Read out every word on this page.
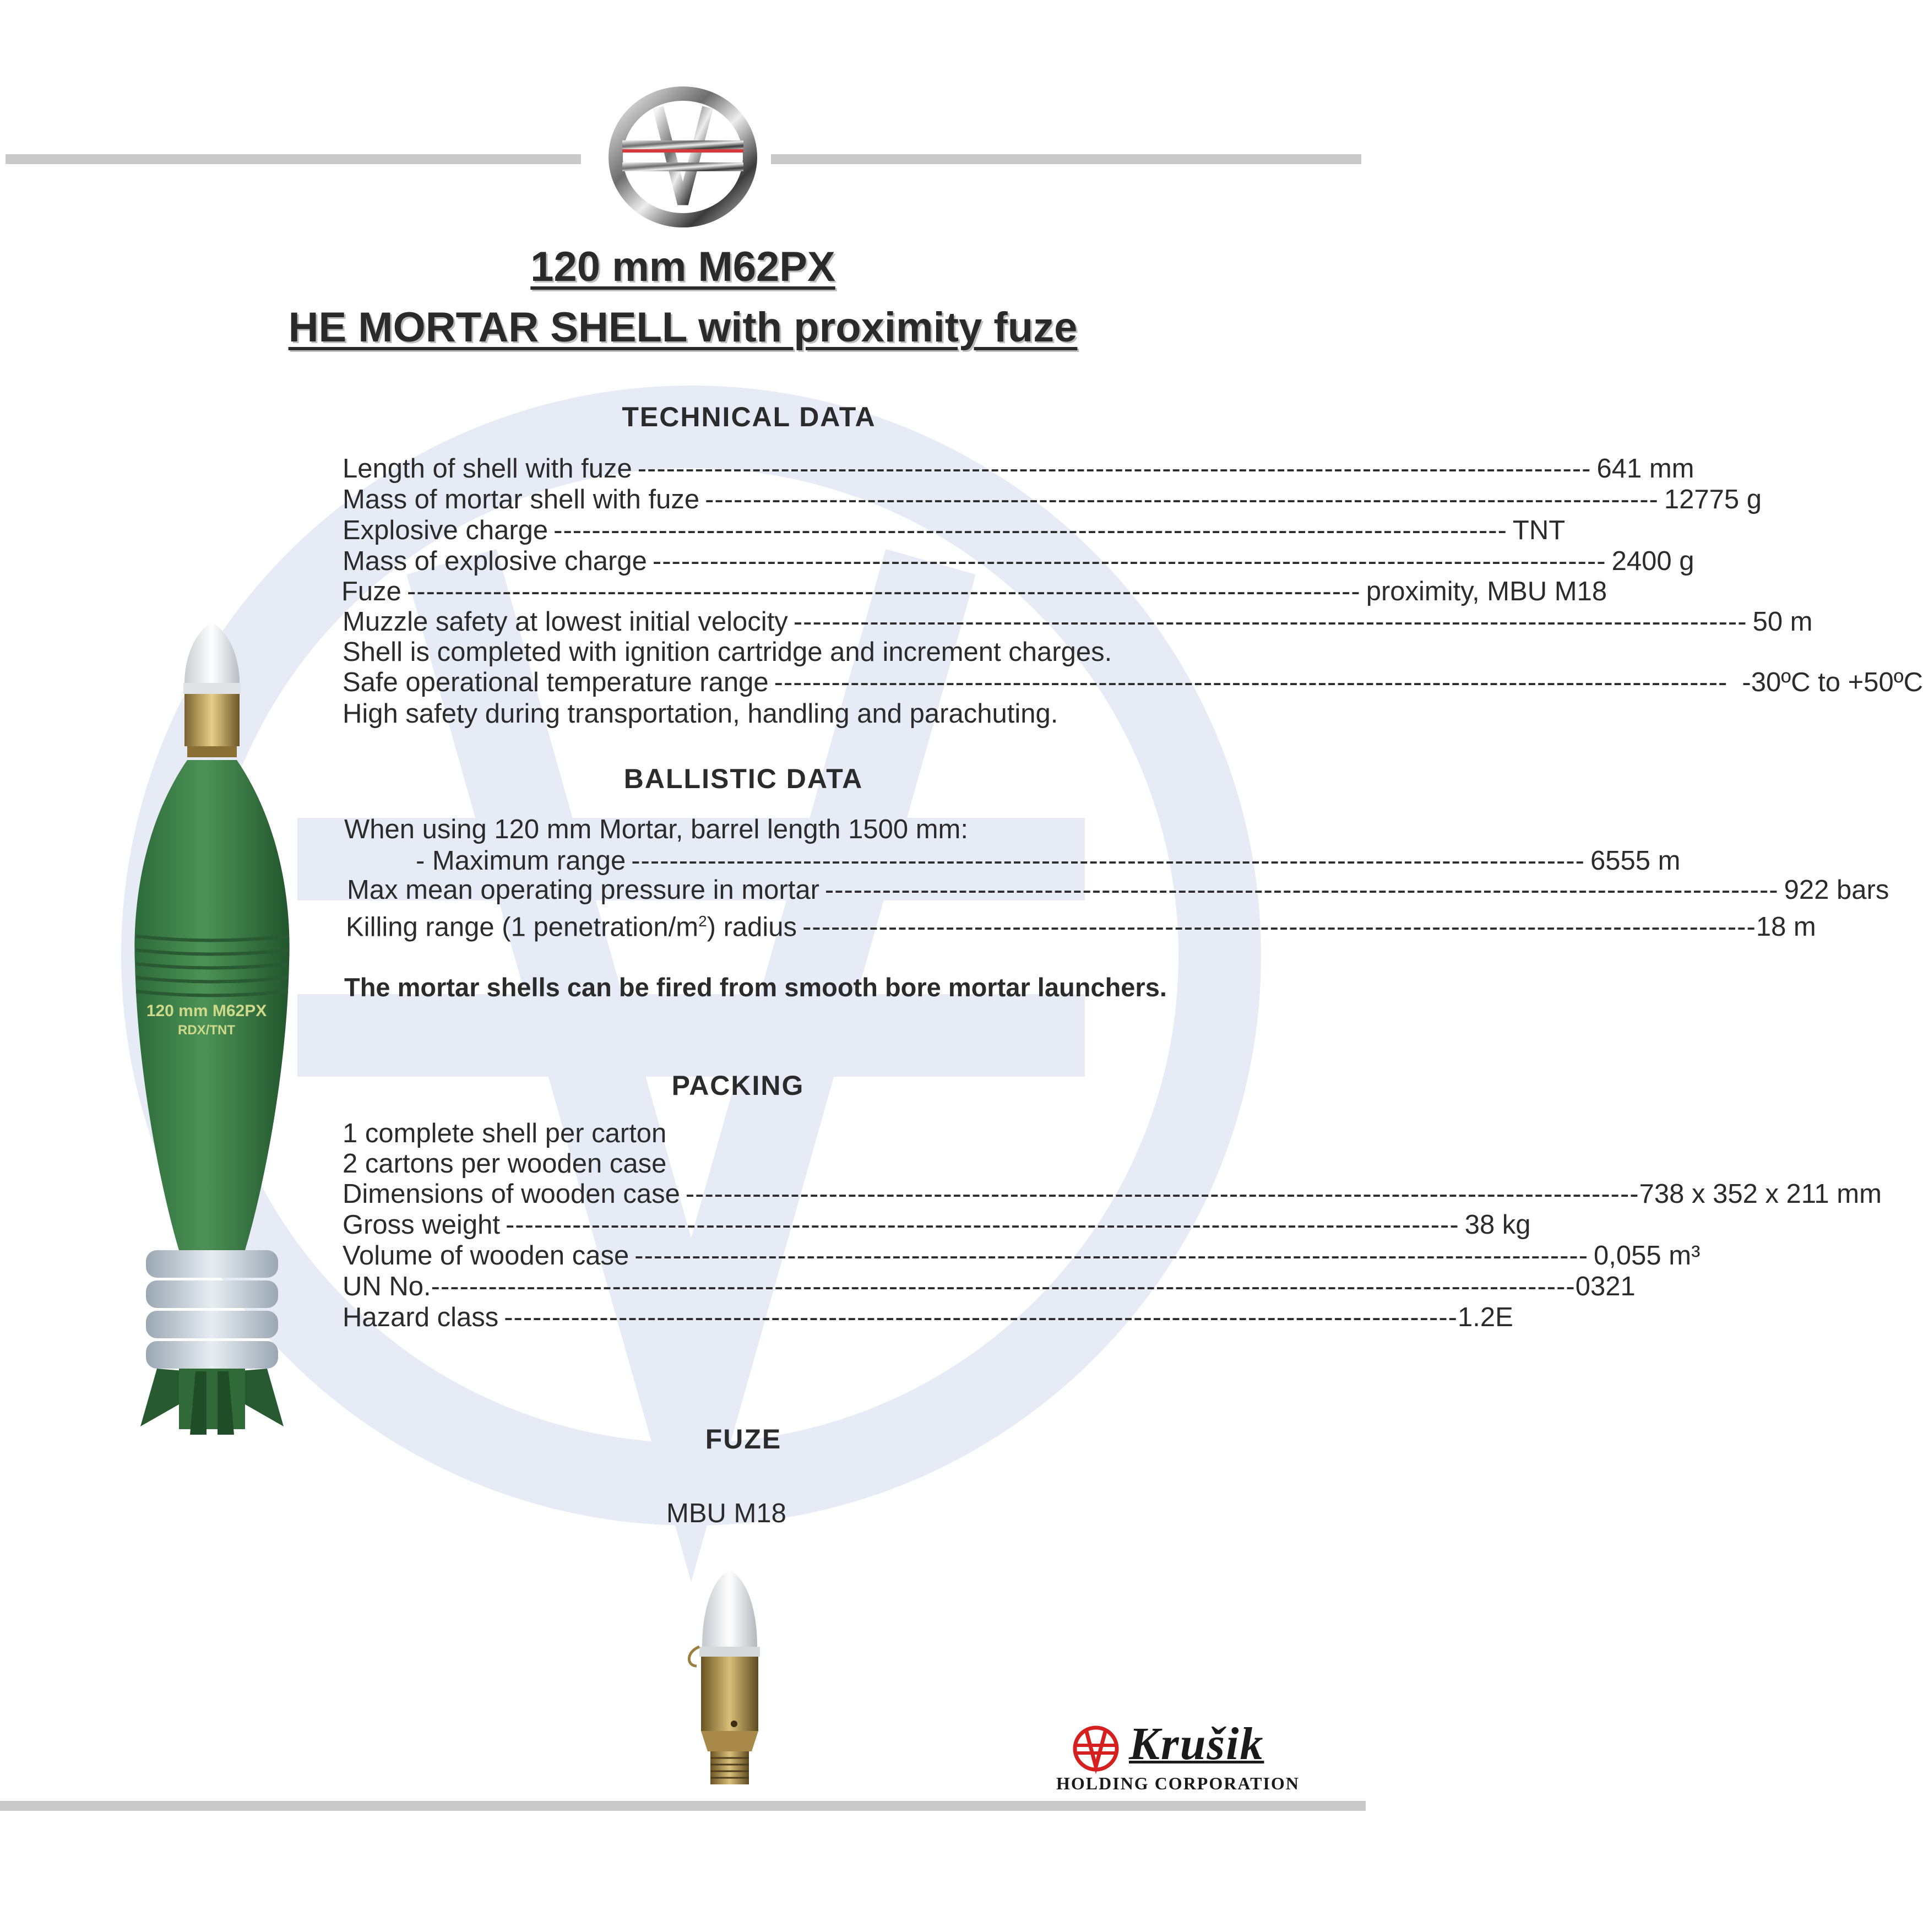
120 mm M62PX
HE MORTAR SHELL with proximity fuze
120 mm M62PX
RDX/TNT
TECHNICAL DATA
Length of shell with fuze ---------------------------------------------------------------------------------------------------- 641 mm
Mass of mortar shell with fuze ---------------------------------------------------------------------------------------------------- 12775 g
Explosive charge ---------------------------------------------------------------------------------------------------- TNT
Mass of explosive charge ---------------------------------------------------------------------------------------------------- 2400 g
Fuze ---------------------------------------------------------------------------------------------------- proximity, MBU M18
Muzzle safety at lowest initial velocity ---------------------------------------------------------------------------------------------------- 50 m
Shell is completed with ignition cartridge and increment charges.
Safe operational temperature range ---------------------------------------------------------------------------------------------------- -30ºC to +50ºC
High safety during transportation, handling and parachuting.
BALLISTIC DATA
When using 120 mm Mortar, barrel length 1500 mm:
- Maximum range ---------------------------------------------------------------------------------------------------- 6555 m
Max mean operating pressure in mortar ---------------------------------------------------------------------------------------------------- 922 bars
Killing range (1 penetration/$m^2$) radius ---------------------------------------------------------------------------------------------------- 18 m
The mortar shells can be fired from smooth bore mortar launchers.
PACKING
1 complete shell per carton
2 cartons per wooden case
Dimensions of wooden case ---------------------------------------------------------------------------------------------------- 738 x 352 x 211 mm
Gross weight ---------------------------------------------------------------------------------------------------- 38 kg
Volume of wooden case ---------------------------------------------------------------------------------------------------- 0,055 m³
UN No. ------------------------------------------------------------------------------------------------------------------------ 0321
Hazard class ---------------------------------------------------------------------------------------------------- 1.2E
FUZE
MBU M18
Krušik
HOLDING CORPORATION
